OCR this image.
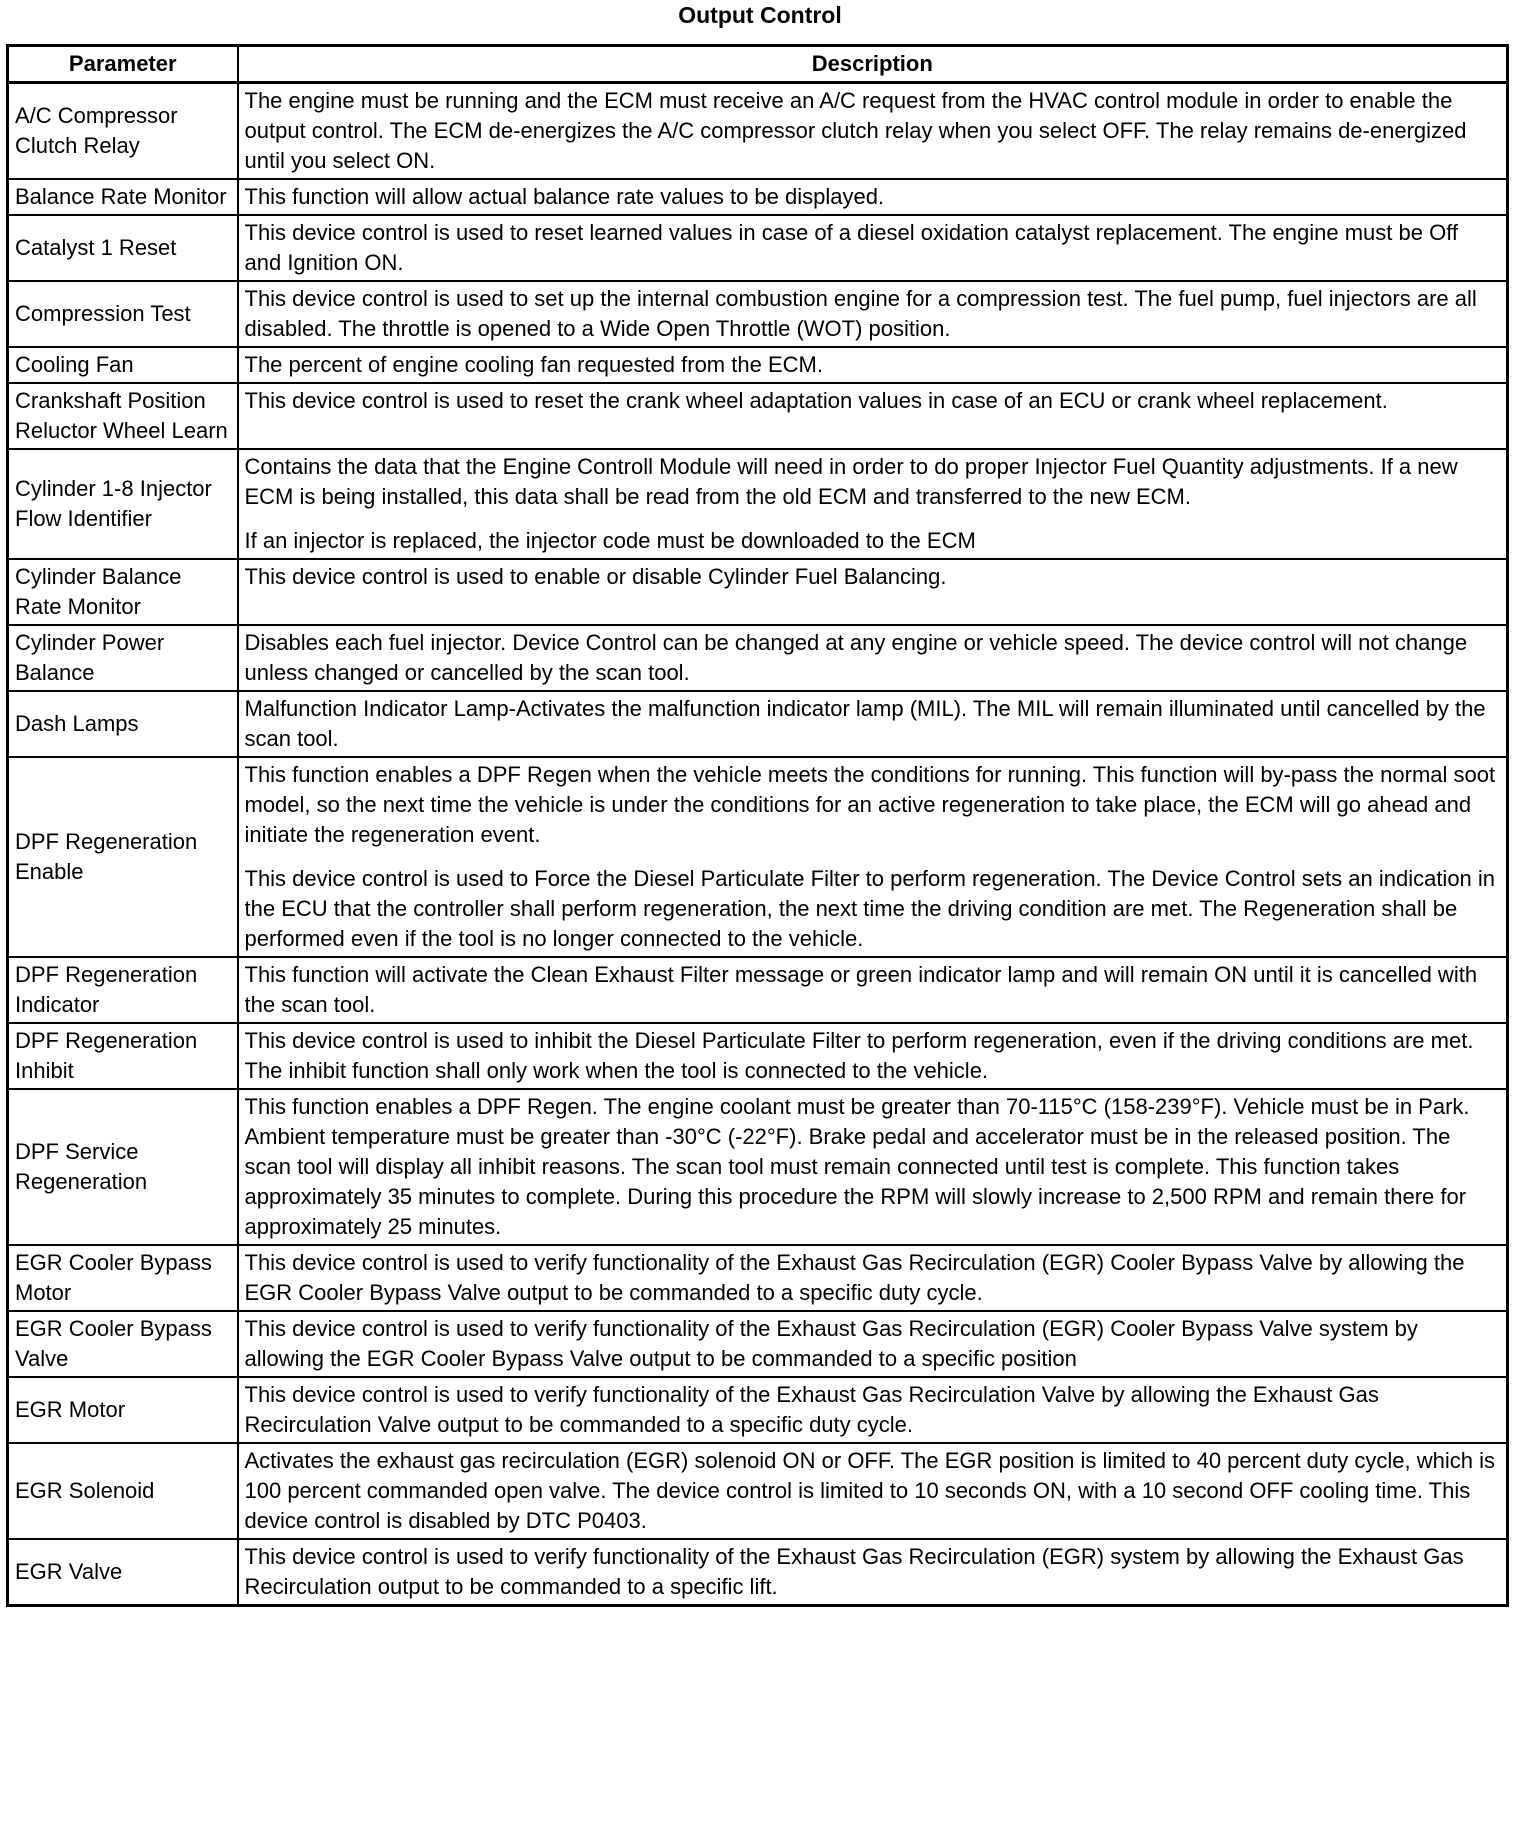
Output Control
Parameter	Description
A/C Compressor Clutch Relay	The engine must be running and the ECM must receive an A/C request from the HVAC control module in order to enable the output control. The ECM de-energizes the A/C compressor clutch relay when you select OFF. The relay remains de-energized until you select ON.

Balance Rate Monitor	This function will allow actual balance rate values to be displayed.

Catalyst 1 Reset	This device control is used to reset learned values in case of a diesel oxidation catalyst replacement. The engine must be Off and Ignition ON.

Compression Test	This device control is used to set up the internal combustion engine for a compression test. The fuel pump, fuel injectors are all disabled. The throttle is opened to a Wide Open Throttle (WOT) position.

Cooling Fan	The percent of engine cooling fan requested from the ECM.

Crankshaft Position Reluctor Wheel Learn	This device control is used to reset the crank wheel adaptation values in case of an ECU or crank wheel replacement.

Cylinder 1-8 Injector Flow Identifier	Contains the data that the Engine Controll Module will need in order to do proper Injector Fuel Quantity adjustments. If a new ECM is being installed, this data shall be read from the old ECM and transferred to the new ECM.

If an injector is replaced, the injector code must be downloaded to the ECM

Cylinder Balance Rate Monitor	This device control is used to enable or disable Cylinder Fuel Balancing.

Cylinder Power Balance	Disables each fuel injector. Device Control can be changed at any engine or vehicle speed. The device control will not change unless changed or cancelled by the scan tool.

Dash Lamps	Malfunction Indicator Lamp-Activates the malfunction indicator lamp (MIL). The MIL will remain illuminated until cancelled by the scan tool.

DPF Regeneration Enable	This function enables a DPF Regen when the vehicle meets the conditions for running. This function will by-pass the normal soot model, so the next time the vehicle is under the conditions for an active regeneration to take place, the ECM will go ahead and initiate the regeneration event.

This device control is used to Force the Diesel Particulate Filter to perform regeneration. The Device Control sets an indication in the ECU that the controller shall perform regeneration, the next time the driving condition are met. The Regeneration shall be performed even if the tool is no longer connected to the vehicle.

DPF Regeneration Indicator	This function will activate the Clean Exhaust Filter message or green indicator lamp and will remain ON until it is cancelled with the scan tool.

DPF Regeneration Inhibit	This device control is used to inhibit the Diesel Particulate Filter to perform regeneration, even if the driving conditions are met. The inhibit function shall only work when the tool is connected to the vehicle.

DPF Service Regeneration	This function enables a DPF Regen. The engine coolant must be greater than 70-115°C (158-239°F). Vehicle must be in Park. Ambient temperature must be greater than -30°C (-22°F). Brake pedal and accelerator must be in the released position. The scan tool will display all inhibit reasons. The scan tool must remain connected until test is complete. This function takes approximately 35 minutes to complete. During this procedure the RPM will slowly increase to 2,500 RPM and remain there for approximately 25 minutes.

EGR Cooler Bypass Motor	This device control is used to verify functionality of the Exhaust Gas Recirculation (EGR) Cooler Bypass Valve by allowing the EGR Cooler Bypass Valve output to be commanded to a specific duty cycle.

EGR Cooler Bypass Valve	This device control is used to verify functionality of the Exhaust Gas Recirculation (EGR) Cooler Bypass Valve system by allowing the EGR Cooler Bypass Valve output to be commanded to a specific position

EGR Motor	This device control is used to verify functionality of the Exhaust Gas Recirculation Valve by allowing the Exhaust Gas Recirculation Valve output to be commanded to a specific duty cycle.

EGR Solenoid	Activates the exhaust gas recirculation (EGR) solenoid ON or OFF. The EGR position is limited to 40 percent duty cycle, which is 100 percent commanded open valve. The device control is limited to 10 seconds ON, with a 10 second OFF cooling time. This device control is disabled by DTC P0403.

EGR Valve	This device control is used to verify functionality of the Exhaust Gas Recirculation (EGR) system by allowing the Exhaust Gas Recirculation output to be commanded to a specific lift.
